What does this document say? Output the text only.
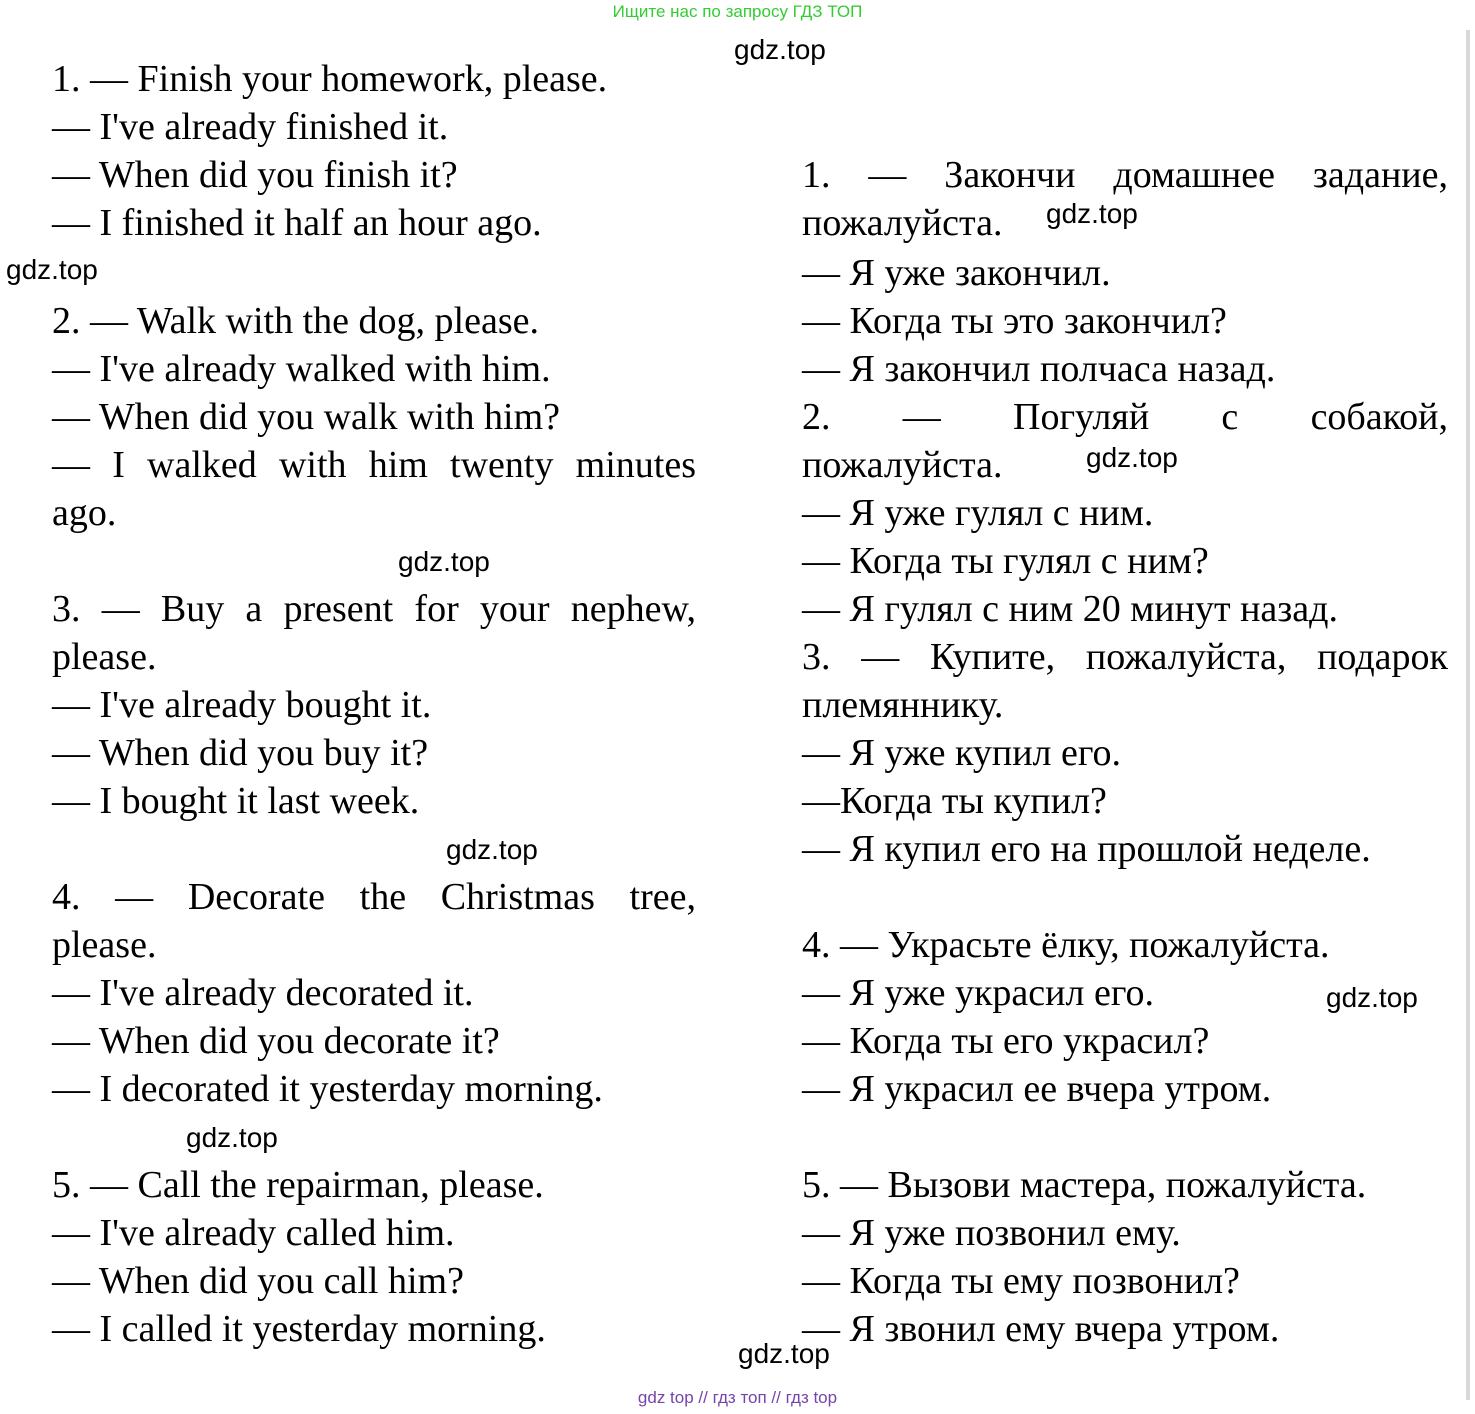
Ищите нас по запросу ГДЗ ТОП
1. — Finish your homework, please.
— I've already finished it.
— When did you finish it?
— I finished it half an hour ago.
2. — Walk with the dog, please.
— I've already walked with him.
— When did you walk with him?
— I walked with him twenty minutes
ago.
3. — Buy a present for your nephew,
please.
— I've already bought it.
— When did you buy it?
— I bought it last week.
4. — Decorate the Christmas tree,
please.
— I've already decorated it.
— When did you decorate it?
— I decorated it yesterday morning.
5. — Call the repairman, please.
— I've already called him.
— When did you call him?
— I called it yesterday morning.
1. — Закончи домашнее задание,
пожалуйста.
— Я уже закончил.
— Когда ты это закончил?
— Я закончил полчаса назад.
2. — Погуляй с собакой,
пожалуйста.
— Я уже гулял с ним.
— Когда ты гулял с ним?
— Я гулял с ним 20 минут назад.
3. — Купите, пожалуйста, подарок
племяннику.
— Я уже купил его.
—Когда ты купил?
— Я купил его на прошлой неделе.
4. — Украсьте ёлку, пожалуйста.
— Я уже украсил его.
— Когда ты его украсил?
— Я украсил ее вчера утром.
5. — Вызови мастера, пожалуйста.
— Я уже позвонил ему.
— Когда ты ему позвонил?
— Я звонил ему вчера утром.
gdz.top
gdz.top
gdz.top
gdz.top
gdz.top
gdz.top
gdz.top
gdz.top
gdz.top
gdz top // гдз топ // гдз top
